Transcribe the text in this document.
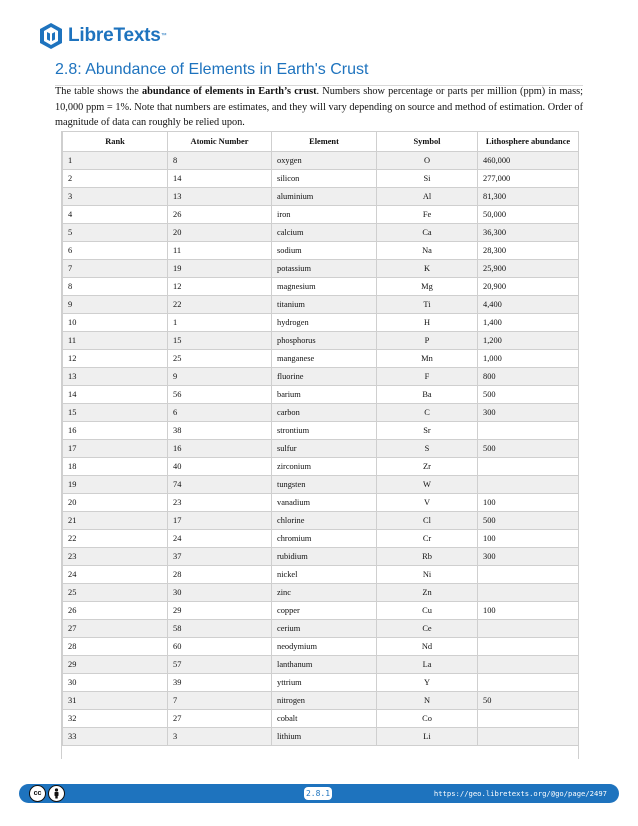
LibreTexts ™
2.8: Abundance of Elements in Earth's Crust

The table shows the abundance of elements in Earth’s crust. Numbers show percentage or parts per million (ppm) in mass; 10,000 ppm = 1%. Note that numbers are estimates, and they will vary depending on source and method of estimation. Order of magnitude of data can roughly be relied upon.

Rank	Atomic Number	Element	Symbol	Lithosphere abundance
1	8	oxygen	O	460,000
2	14	silicon	Si	277,000
3	13	aluminium	Al	81,300
4	26	iron	Fe	50,000
5	20	calcium	Ca	36,300
6	11	sodium	Na	28,300
7	19	potassium	K	25,900
8	12	magnesium	Mg	20,900
9	22	titanium	Ti	4,400
10	1	hydrogen	H	1,400
11	15	phosphorus	P	1,200
12	25	manganese	Mn	1,000
13	9	fluorine	F	800
14	56	barium	Ba	500
15	6	carbon	C	300
16	38	strontium	Sr	
17	16	sulfur	S	500
18	40	zirconium	Zr	
19	74	tungsten	W	
20	23	vanadium	V	100
21	17	chlorine	Cl	500
22	24	chromium	Cr	100
23	37	rubidium	Rb	300
24	28	nickel	Ni	
25	30	zinc	Zn	
26	29	copper	Cu	100
27	58	cerium	Ce	
28	60	neodymium	Nd	
29	57	lanthanum	La	
30	39	yttrium	Y	
31	7	nitrogen	N	50
32	27	cobalt	Co	
33	3	lithium	Li	
cc	2.8.1	https://geo.libretexts.org/@go/page/2497
